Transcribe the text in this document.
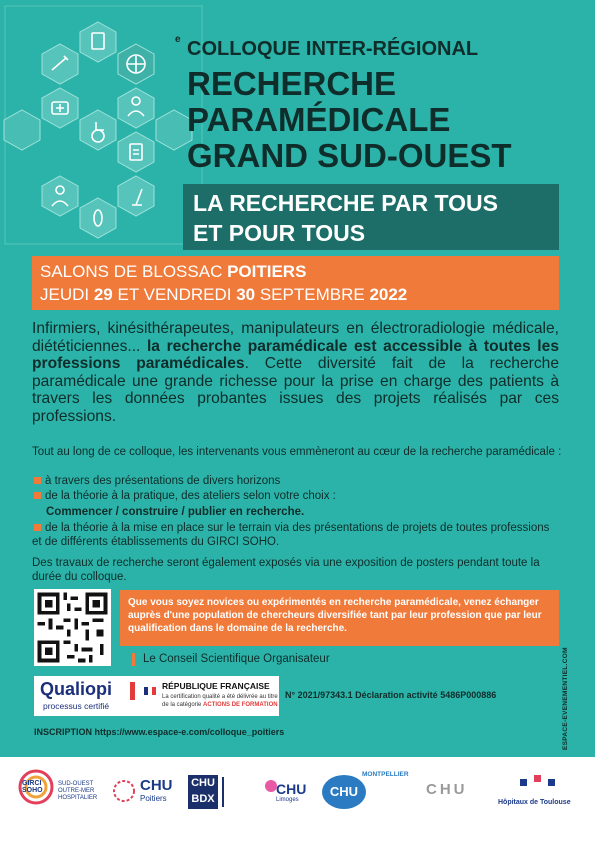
e COLLOQUE INTER-RÉGIONAL
RECHERCHE
PARAMÉDICALE
GRAND SUD-OUEST
LA RECHERCHE PAR TOUS
ET POUR TOUS
SALONS DE BLOSSAC POITIERS
JEUDI 29 ET VENDREDI 30 SEPTEMBRE 2022
Infirmiers, kinésithérapeutes, manipulateurs en électroradiologie médicale, diététiciennes... la recherche paramédicale est accessible à toutes les professions paramédicales. Cette diversité fait de la recherche paramédicale une grande richesse pour la prise en charge des patients à travers les données probantes issues des projets réalisés par ces professions.
Tout au long de ce colloque, les intervenants vous emmèneront au cœur de la recherche paramédicale :
à travers des présentations de divers horizons
de la théorie à la pratique, des ateliers selon votre choix :
Commencer / construire / publier en recherche.
de la théorie à la mise en place sur le terrain via des présentations de projets de toutes professions et de différents établissements du GIRCI SOHO.
Des travaux de recherche seront également exposés via une exposition de posters pendant toute la durée du colloque.
Que vous soyez novices ou expérimentés en recherche paramédicale, venez échanger auprès d'une population de chercheurs diversifiée tant par leur profession que par leur qualification dans le domaine de la recherche.
Le Conseil Scientifique Organisateur
Qualiopi
processus certifié
RÉPUBLIQUE FRANÇAISE
La certification qualité a été délivrée au titre
de la catégorie ACTIONS DE FORMATION
N° 2021/97343.1 Déclaration activité 5486P000886
INSCRIPTION https://www.espace-e.com/colloque_poitiers	ESPACE-EVENEMENTIEL.COM
GIRCI SOHO
SUD-OUEST OUTRE-MER HOSPITALIER
CHU
Poitiers
CHU BDX
CHU
Limoges
CHU
MONTPELLIER
CHU
Hôpitaux de Toulouse
